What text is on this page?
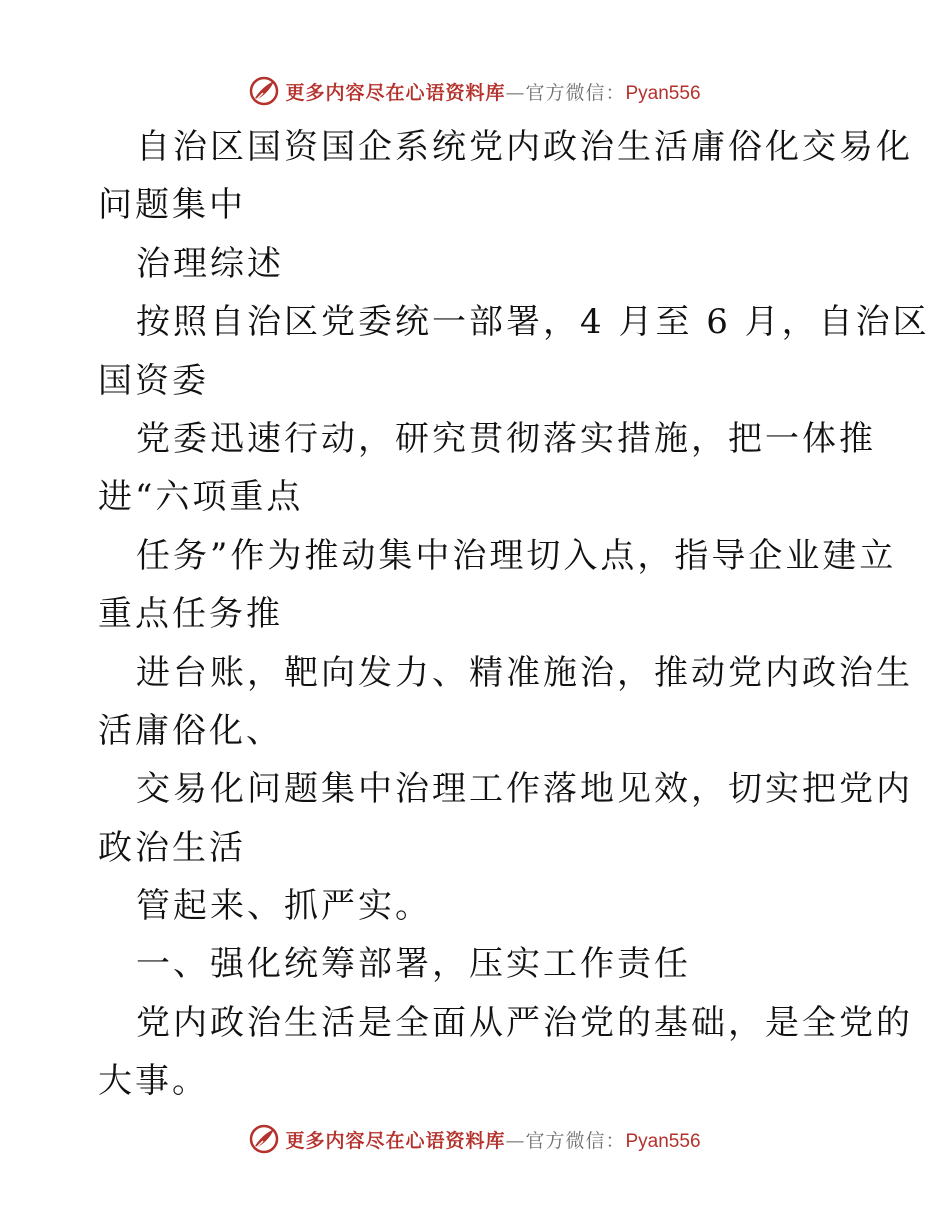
更多内容尽在心语资料库—官方微信：Pyan556
自治区国资国企系统党内政治生活庸俗化交易化
问题集中
治理综述
按照自治区党委统一部署，4 月至 6 月，自治区
国资委
党委迅速行动，研究贯彻落实措施，把一体推
进“六项重点
任务”作为推动集中治理切入点，指导企业建立
重点任务推
进台账，靶向发力、精准施治，推动党内政治生
活庸俗化、
交易化问题集中治理工作落地见效，切实把党内
政治生活
管起来、抓严实。
一、强化统筹部署，压实工作责任
党内政治生活是全面从严治党的基础，是全党的
大事。
更多内容尽在心语资料库—官方微信：Pyan556
